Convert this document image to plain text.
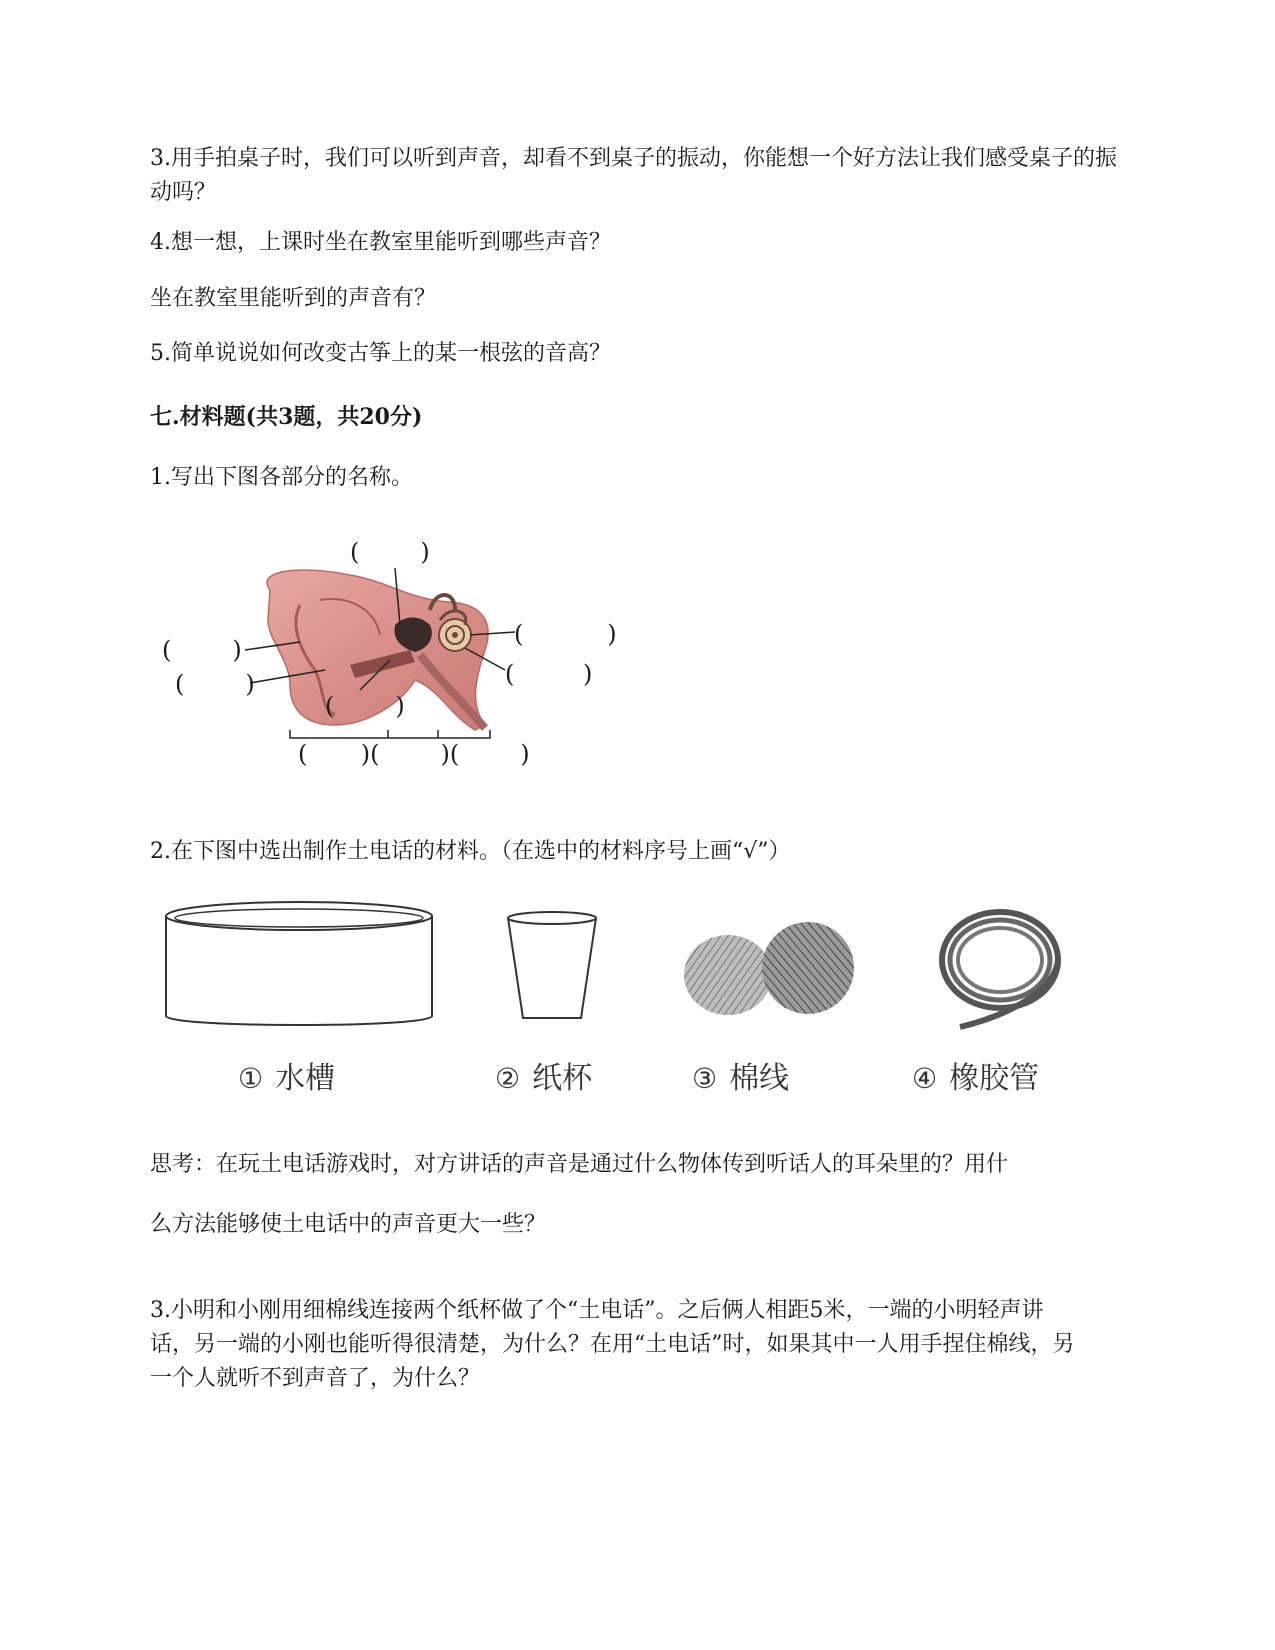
3.用手拍桌子时，我们可以听到声音，却看不到桌子的振动，你能想一个好方法让我们感受桌子的振动吗？

4.想一想，上课时坐在教室里能听到哪些声音？

坐在教室里能听到的声音有？

5.简单说说如何改变古筝上的某一根弦的音高？

七.材料题(共3题，共20分)

1.写出下图各部分的名称。

(        )
(        )
(        )
(           )
(         )
(        )
(       )(        )(        )

2.在下图中选出制作土电话的材料。（在选中的材料序号上画“√”）

① 水槽	② 纸杯	③ 棉线	④ 橡胶管

思考：在玩土电话游戏时，对方讲话的声音是通过什么物体传到听话人的耳朵里的？用什

么方法能够使土电话中的声音更大一些？

3.小明和小刚用细棉线连接两个纸杯做了个“土电话”。之后俩人相距5米，一端的小明轻声讲话，另一端的小刚也能听得很清楚，为什么？在用“土电话”时，如果其中一人用手捏住棉线，另一个人就听不到声音了，为什么？
